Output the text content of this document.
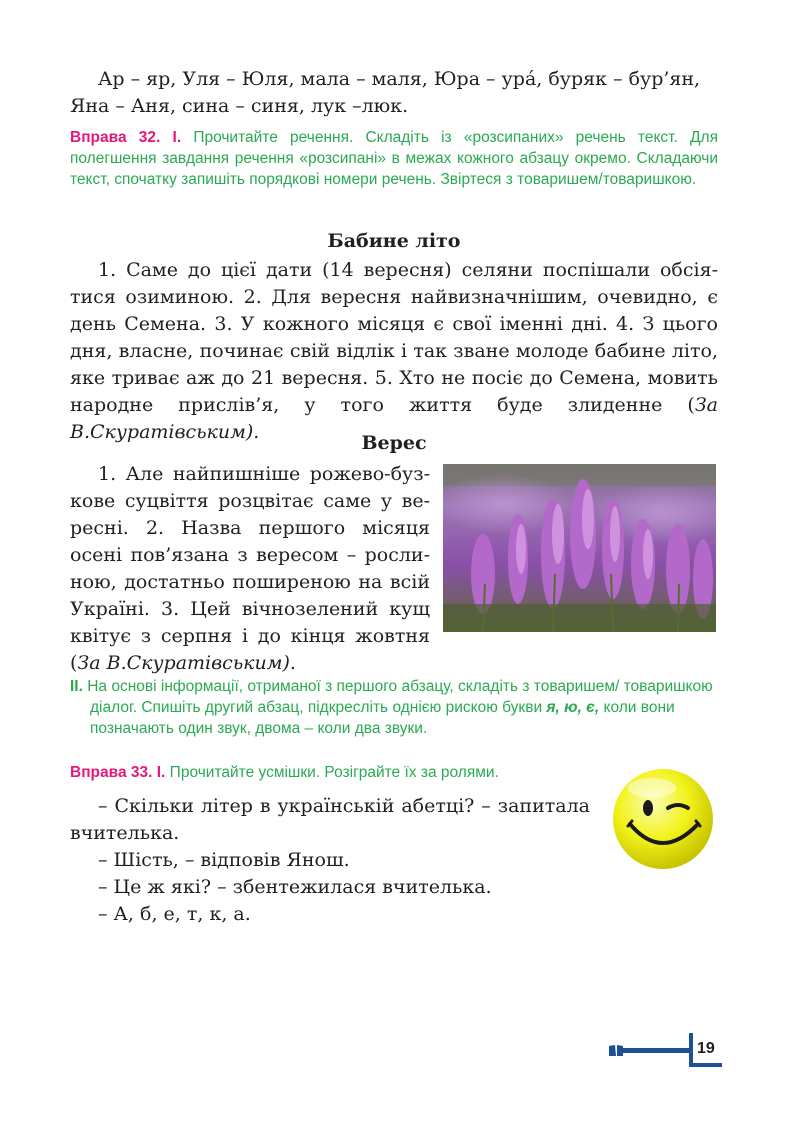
Ар – яр, Уля – Юля, мала – маля, Юра – урá, буряк – бур’ян,

Яна – Аня, сина – синя, лук –люк.

Вправа 32. І. Прочитайте речення. Складіть із «розсипаних» речень текст. Для полегшення завдання речення «розсипані» в межах кожного абзацу окремо. Складаючи текст, спочатку запишіть порядкові номери речень. Звіртеся з товаришем/товаришкою.
Бабине літо

1. Саме до цієї дати (14 вересня) селяни поспішали обсіятися озиминою. 2. Для вересня найвизначнішим, очевидно, є день Семена. 3. У кожного місяця є свої іменні дні. 4. З цього дня, власне, починає свій відлік і так зване молоде бабине літо, яке триває аж до 21 вересня. 5. Хто не посіє до Семена, мовить народне прислів’я, у того життя буде злиденне (За В.Скуратівським).	Верес

1. Але найпишніше рожево-бузкове суцвіття розцвітає саме у вересні. 2. Назва першого місяця осені пов’язана з вересом – рослиною, достатньо поширеною на всій Україні. 3. Цей вічнозелений кущ квітує з серпня і до кінця жовтня (За В.Скуратівським).

ІІ. На основі інформації, отриманої з першого абзацу, складіть з товаришем/ товаришкою діалог. Спишіть другий абзац, підкресліть однією рискою букви я, ю, є, коли вони позначають один звук, двома – коли два звуки.
Вправа 33. І. Прочитайте усмішки. Розіграйте їх за ролями.

– Скільки літер в українській абетці? – запитала вчителька.

– Шість, – відповів Янош.

– Це ж які? – збентежилася вчителька.

– А, б, е, т, к, а.

19
